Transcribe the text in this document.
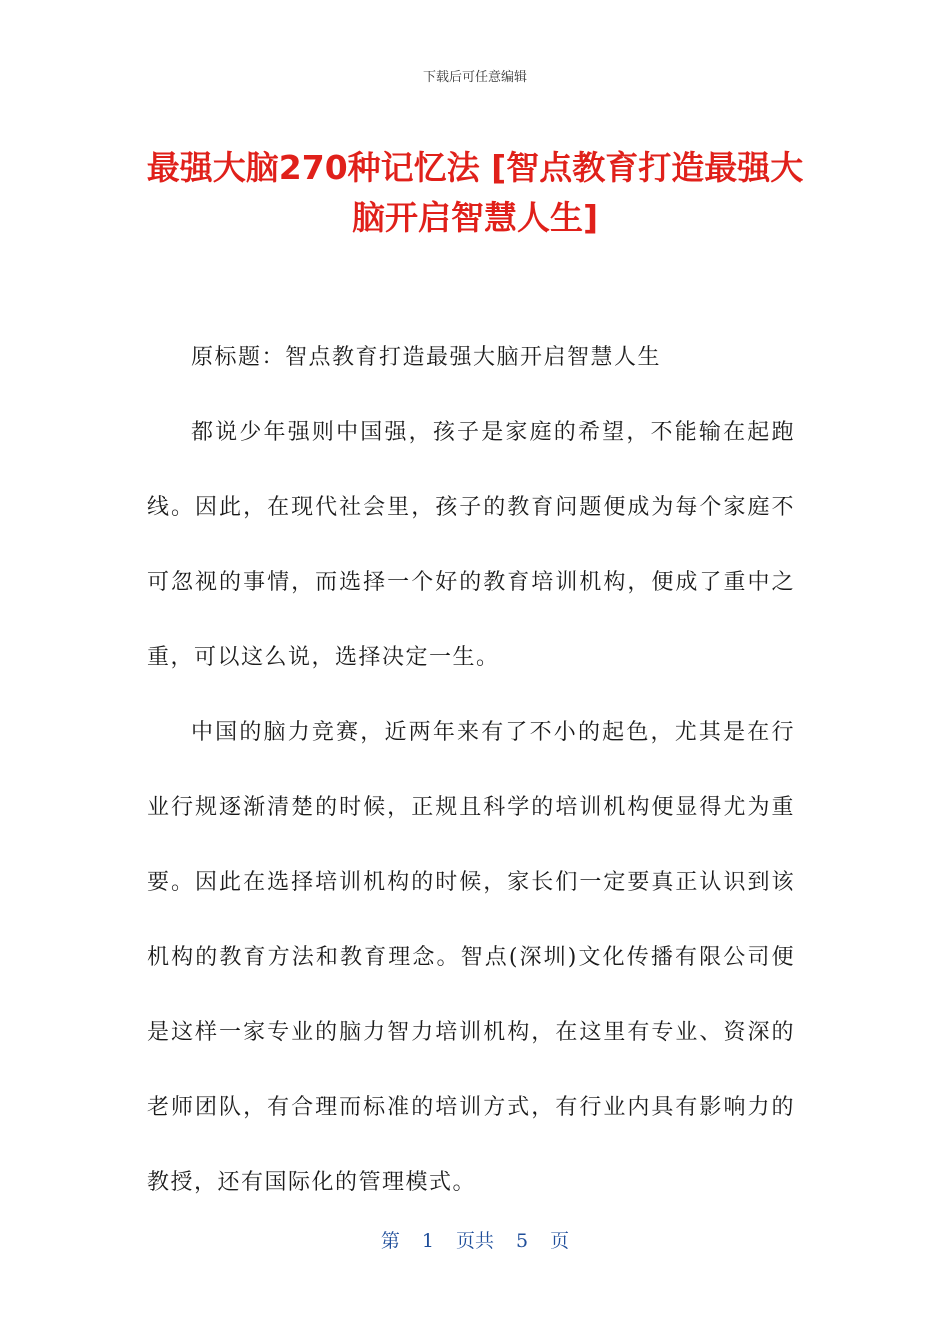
下载后可任意编辑
最强大脑270种记忆法 [智点教育打造最强大脑开启智慧人生]

原标题：智点教育打造最强大脑开启智慧人生

都说少年强则中国强，孩子是家庭的希望，不能输在起跑线。因此，在现代社会里，孩子的教育问题便成为每个家庭不可忽视的事情，而选择一个好的教育培训机构，便成了重中之重，可以这么说，选择决定一生。

中国的脑力竞赛，近两年来有了不小的起色，尤其是在行业行规逐渐清楚的时候，正规且科学的培训机构便显得尤为重要。因此在选择培训机构的时候，家长们一定要真正认识到该机构的教育方法和教育理念。智点(深圳)文化传播有限公司便是这样一家专业的脑力智力培训机构，在这里有专业、资深的老师团队，有合理而标准的培训方式，有行业内具有影响力的教授，还有国际化的管理模式。

第 1 页共 5 页
